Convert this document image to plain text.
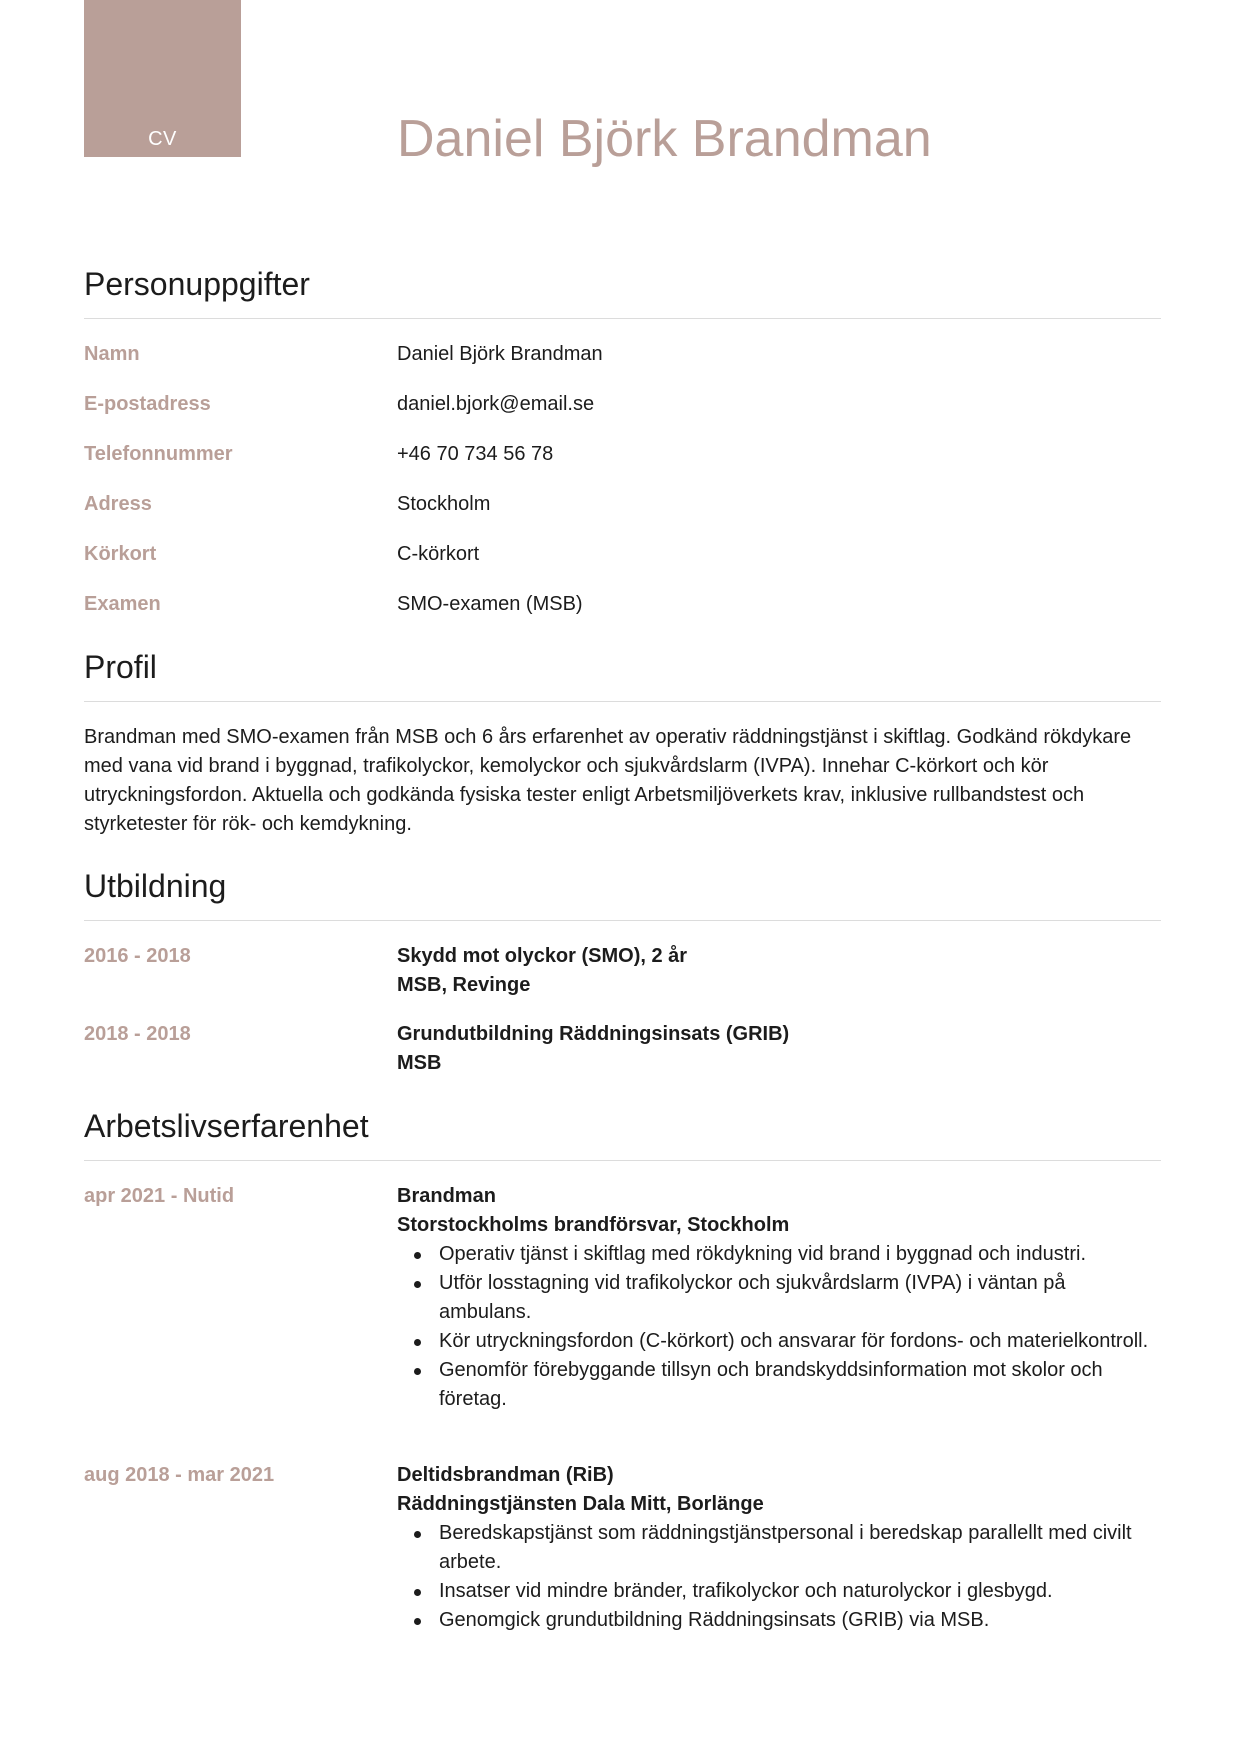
CV	Daniel Björk Brandman
Personuppgifter
Namn	Daniel Björk Brandman
E-postadress	daniel.bjork@email.se
Telefonnummer	+46 70 734 56 78
Adress	Stockholm
Körkort	C-körkort
Examen	SMO-examen (MSB)
Profil
Brandman med SMO-examen från MSB och 6 års erfarenhet av operativ räddningstjänst i skiftlag. Godkänd rökdykare med vana vid brand i byggnad, trafikolyckor, kemolyckor och sjukvårdslarm (IVPA). Innehar C-körkort och kör utryckningsfordon. Aktuella och godkända fysiska tester enligt Arbetsmiljöverkets krav, inklusive rullbandstest och styrketester för rök- och kemdykning.
Utbildning
2016 - 2018	Skydd mot olyckor (SMO), 2 år
MSB, Revinge
2018 - 2018	Grundutbildning Räddningsinsats (GRIB)
MSB
Arbetslivserfarenhet
apr 2021 - Nutid	Brandman
Storstockholms brandförsvar, Stockholm
Operativ tjänst i skiftlag med rökdykning vid brand i byggnad och industri.
Utför losstagning vid trafikolyckor och sjukvårdslarm (IVPA) i väntan på ambulans.
Kör utryckningsfordon (C-körkort) och ansvarar för fordons- och materielkontroll.
Genomför förebyggande tillsyn och brandskyddsinformation mot skolor och företag.
aug 2018 - mar 2021	Deltidsbrandman (RiB)
Räddningstjänsten Dala Mitt, Borlänge
Beredskapstjänst som räddningstjänstpersonal i beredskap parallellt med civilt arbete.
Insatser vid mindre bränder, trafikolyckor och naturolyckor i glesbygd.
Genomgick grundutbildning Räddningsinsats (GRIB) via MSB.
